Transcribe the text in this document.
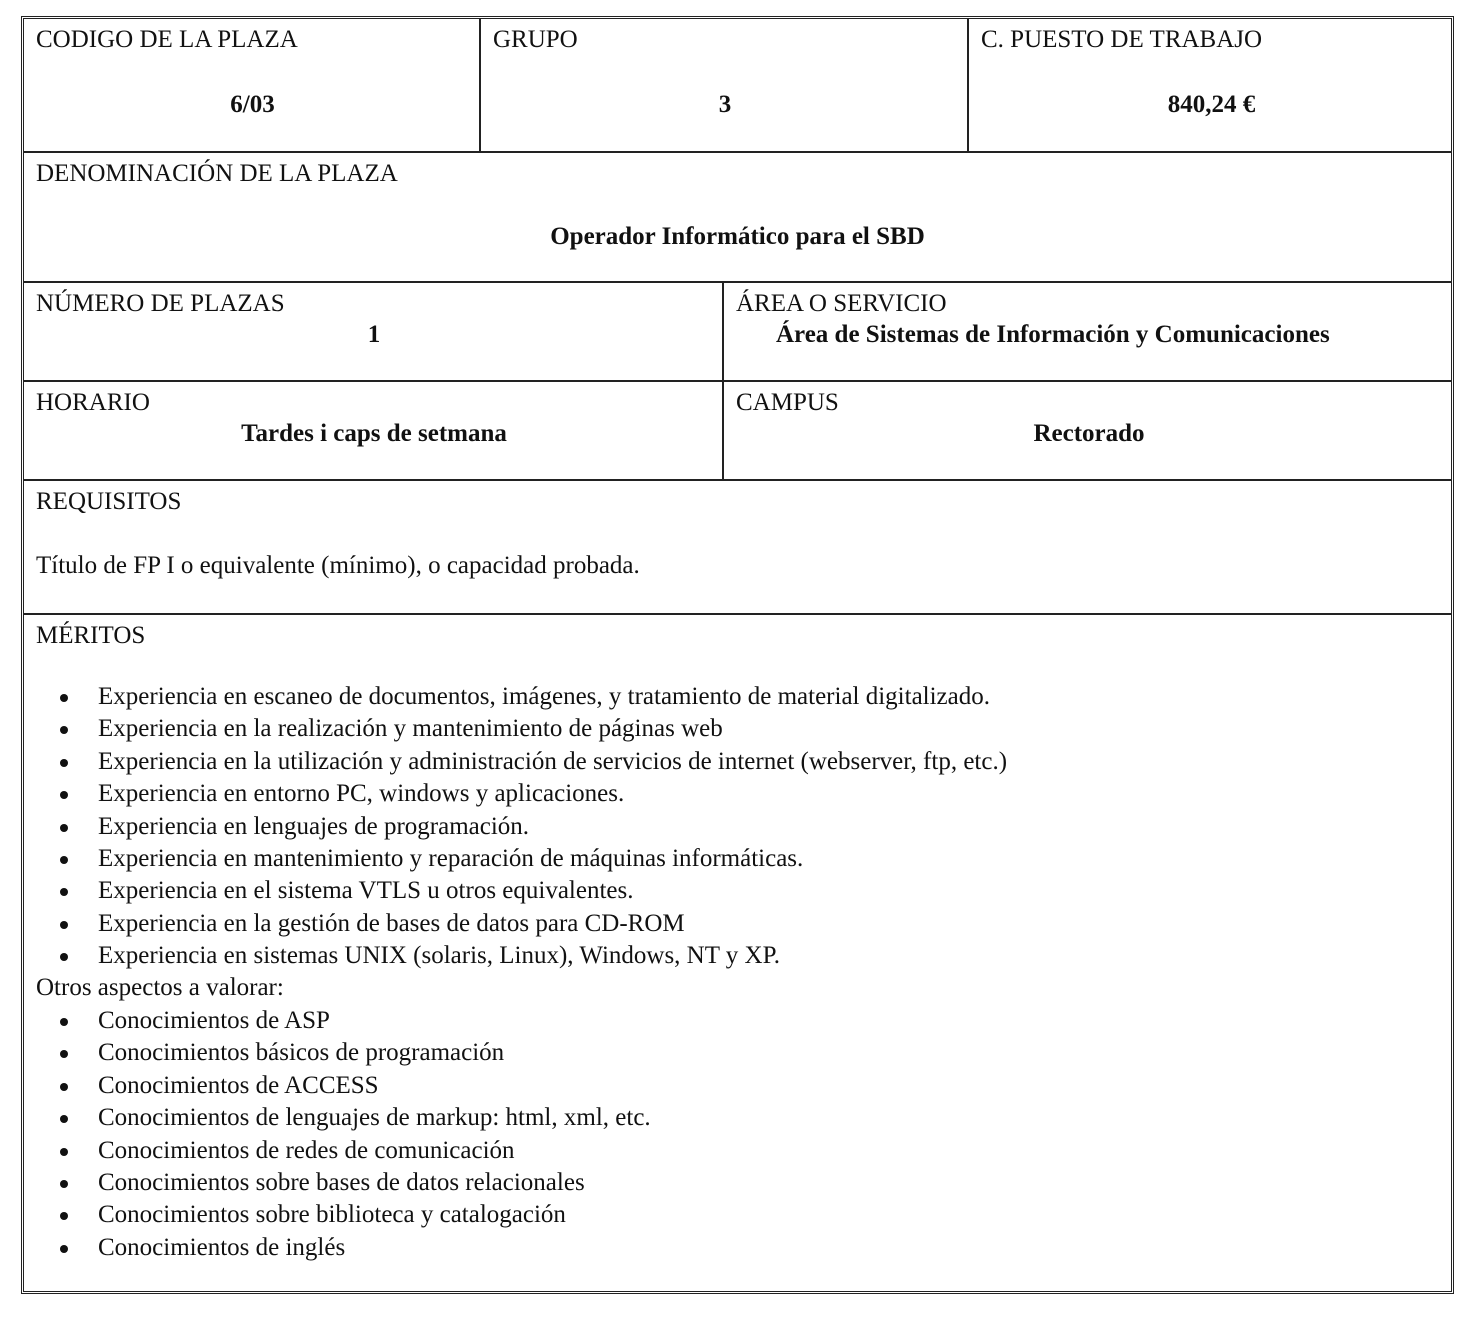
CODIGO DE LA PLAZA
6/03
GRUPO
3
C. PUESTO DE TRABAJO
840,24 €
DENOMINACIÓN DE LA PLAZA
Operador Informático para el SBD
NÚMERO DE PLAZAS
1
ÁREA O SERVICIO
Área de Sistemas de Información y Comunicaciones
HORARIO
Tardes i caps de setmana
CAMPUS
Rectorado
REQUISITOS
Título de FP I o equivalente (mínimo), o capacidad probada.
MÉRITOS
Experiencia en escaneo de documentos, imágenes, y tratamiento de material digitalizado.
Experiencia en la realización y mantenimiento de páginas web
Experiencia en la utilización y administración de servicios de internet (webserver, ftp, etc.)
Experiencia en entorno PC, windows y aplicaciones.
Experiencia en lenguajes de programación.
Experiencia en mantenimiento y reparación de máquinas informáticas.
Experiencia en el sistema VTLS u otros equivalentes.
Experiencia en la gestión de bases de datos para CD-ROM
Experiencia en sistemas UNIX (solaris, Linux), Windows, NT y XP.
Otros aspectos a valorar:
Conocimientos de ASP
Conocimientos básicos de programación
Conocimientos de ACCESS
Conocimientos de lenguajes de markup: html, xml, etc.
Conocimientos de redes de comunicación
Conocimientos sobre bases de datos relacionales
Conocimientos sobre biblioteca y catalogación
Conocimientos de inglés
